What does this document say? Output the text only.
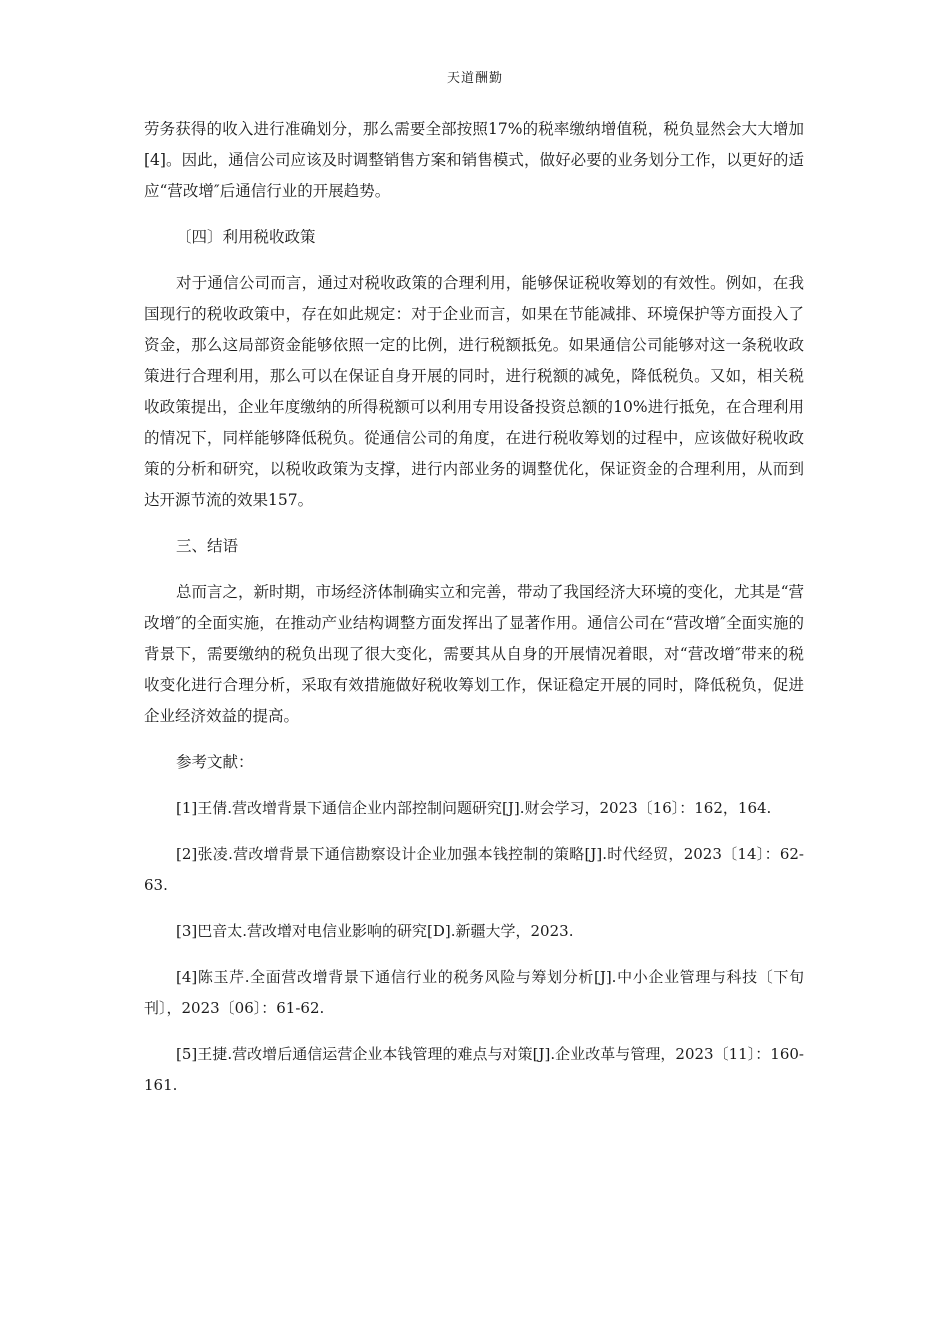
天道酬勤

劳务获得的收入进行准确划分，那么需要全部按照17%的税率缴纳增值税，税负显然会大大增加[4]。因此，通信公司应该及时调整销售方案和销售模式，做好必要的业务划分工作，以更好的适应“营改增″后通信行业的开展趋势。

〔四〕利用税收政策

对于通信公司而言，通过对税收政策的合理利用，能够保证税收筹划的有效性。例如，在我国现行的税收政策中，存在如此规定：对于企业而言，如果在节能减排、环境保护等方面投入了资金，那么这局部资金能够依照一定的比例，进行税额抵免。如果通信公司能够对这一条税收政策进行合理利用，那么可以在保证自身开展的同时，进行税额的减免，降低税负。又如，相关税收政策提出，企业年度缴纳的所得税额可以利用专用设备投资总额的10%进行抵免，在合理利用的情况下，同样能够降低税负。從通信公司的角度，在进行税收筹划的过程中，应该做好税收政策的分析和研究，以税收政策为支撑，进行内部业务的调整优化，保证资金的合理利用，从而到达开源节流的效果157。

三、结语

总而言之，新时期，市场经济体制确实立和完善，带动了我国经济大环境的变化，尤其是“营改增″的全面实施，在推动产业结构调整方面发挥出了显著作用。通信公司在“营改增″全面实施的背景下，需要缴纳的税负出现了很大变化，需要其从自身的开展情况着眼，对“营改增″带来的税收变化进行合理分析，采取有效措施做好税收筹划工作，保证稳定开展的同时，降低税负，促进企业经济效益的提高。

参考文献：

[1]王倩.营改增背景下通信企业内部控制问题研究[J].财会学习，2023〔16〕：162，164.

[2]张凌.营改增背景下通信勘察设计企业加强本钱控制的策略[J].时代经贸，2023〔14〕：62-63.

[3]巴音太.营改增对电信业影响的研究[D].新疆大学，2023.

[4]陈玉芹.全面营改增背景下通信行业的税务风险与筹划分析[J].中小企业管理与科技〔下旬刊〕，2023〔06〕：61-62.

[5]王捷.营改增后通信运营企业本钱管理的难点与对策[J].企业改革与管理，2023〔11〕：160-161.
